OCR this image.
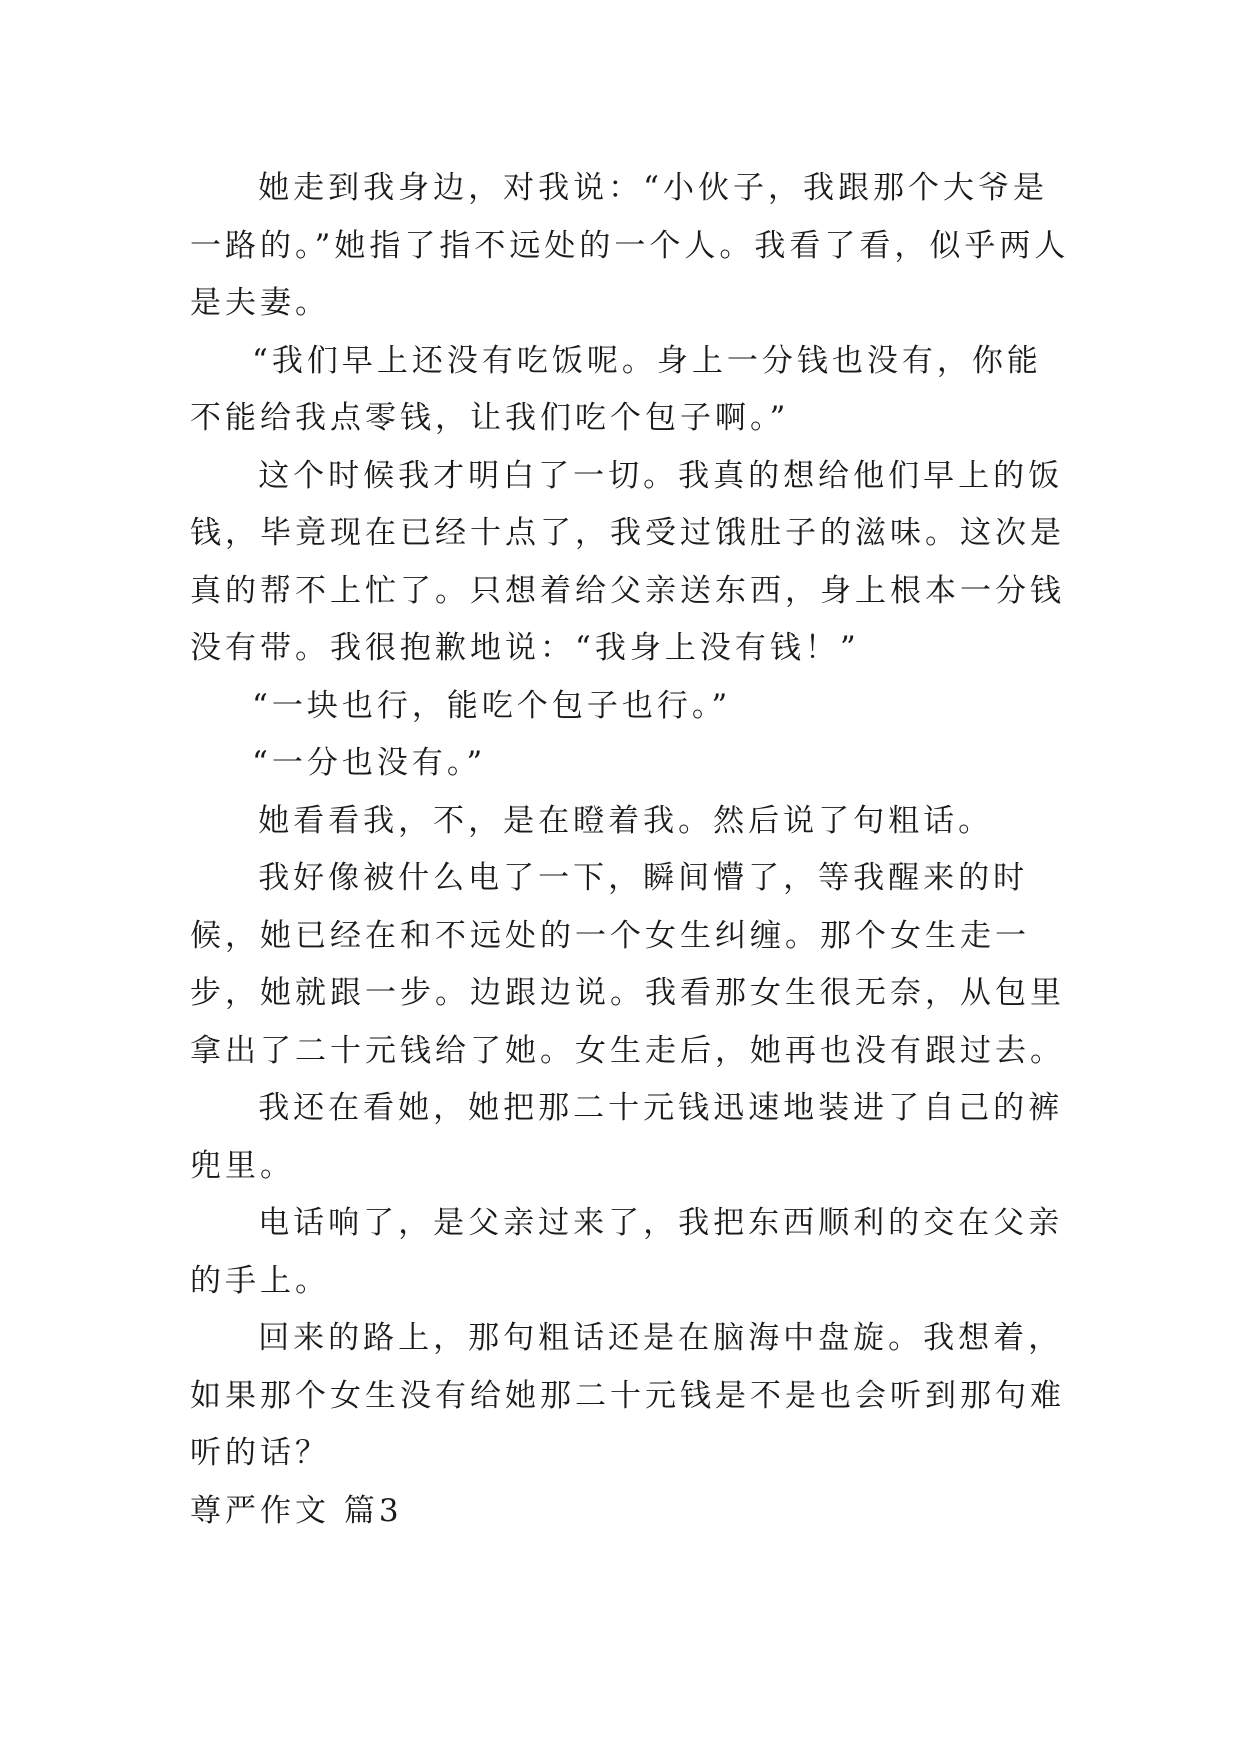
她走到我身边，对我说：“小伙子，我跟那个大爷是一路的。”她指了指不远处的一个人。我看了看，似乎两人是夫妻。

“我们早上还没有吃饭呢。身上一分钱也没有，你能不能给我点零钱，让我们吃个包子啊。”

这个时候我才明白了一切。我真的想给他们早上的饭钱，毕竟现在已经十点了，我受过饿肚子的滋味。这次是真的帮不上忙了。只想着给父亲送东西，身上根本一分钱没有带。我很抱歉地说：“我身上没有钱！”

“一块也行，能吃个包子也行。”

“一分也没有。”

她看看我，不，是在瞪着我。然后说了句粗话。

我好像被什么电了一下，瞬间懵了，等我醒来的时候，她已经在和不远处的一个女生纠缠。那个女生走一步，她就跟一步。边跟边说。我看那女生很无奈，从包里拿出了二十元钱给了她。女生走后，她再也没有跟过去。

我还在看她，她把那二十元钱迅速地装进了自己的裤兜里。

电话响了，是父亲过来了，我把东西顺利的交在父亲的手上。

回来的路上，那句粗话还是在脑海中盘旋。我想着，如果那个女生没有给她那二十元钱是不是也会听到那句难听的话？

尊严作文 篇3
